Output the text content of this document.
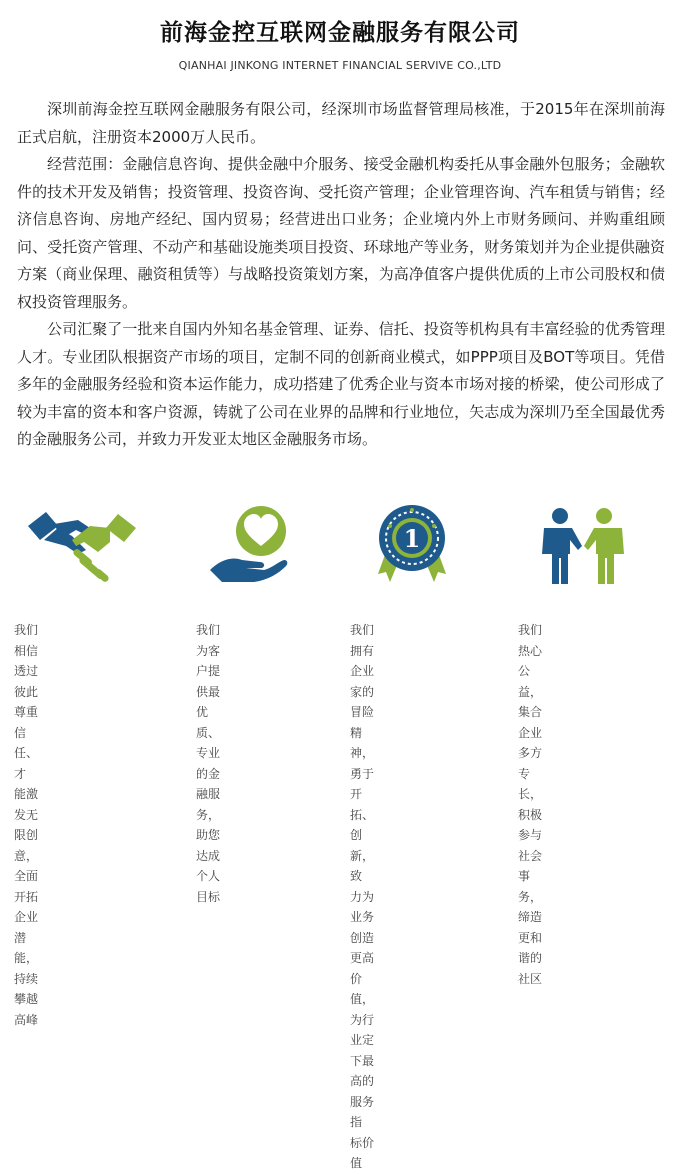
前海金控互联网金融服务有限公司
QIANHAI JINKONG INTERNET FINANCIAL SERVIVE CO.,LTD

深圳前海金控互联网金融服务有限公司，经深圳市场监督管理局核准，于2015年在深圳前海正式启航，注册资本2000万人民币。

经营范围：金融信息咨询、提供金融中介服务、接受金融机构委托从事金融外包服务；金融软件的技术开发及销售；投资管理、投资咨询、受托资产管理；企业管理咨询、汽车租赁与销售；经济信息咨询、房地产经纪、国内贸易；经营进出口业务；企业境内外上市财务顾问、并购重组顾问、受托资产管理、不动产和基础设施类项目投资、环球地产等业务，财务策划并为企业提供融资方案（商业保理、融资租赁等）与战略投资策划方案，为高净值客户提供优质的上市公司股权和债权投资管理服务。

公司汇聚了一批来自国内外知名基金管理、证券、信托、投资等机构具有丰富经验的优秀管理人才。专业团队根据资产市场的项目，定制不同的创新商业模式，如PPP项目及BOT等项目。凭借多年的金融服务经验和资本运作能力，成功搭建了优秀企业与资本市场对接的桥梁，使公司形成了较为丰富的资本和客户资源，铸就了公司在业界的品牌和行业地位，矢志成为深圳乃至全国最优秀的金融服务公司，并致力开发亚太地区金融服务市场。

我们相信透过彼此尊重信
任、才 能激发无限创意，
全面开拓企业潜能，持续
攀越高峰
我们为客户提供最优质、
专业的金融服务，助您
达成个人目标
1
我们拥有企业家的冒险精
神，勇于开拓、创新，致
力为业务创造更高价值，
为行业定下最高的服务指
标价值
我们热心公益，集合企业
多方专长，积极参与社会
事务，缔造更和谐的社区
